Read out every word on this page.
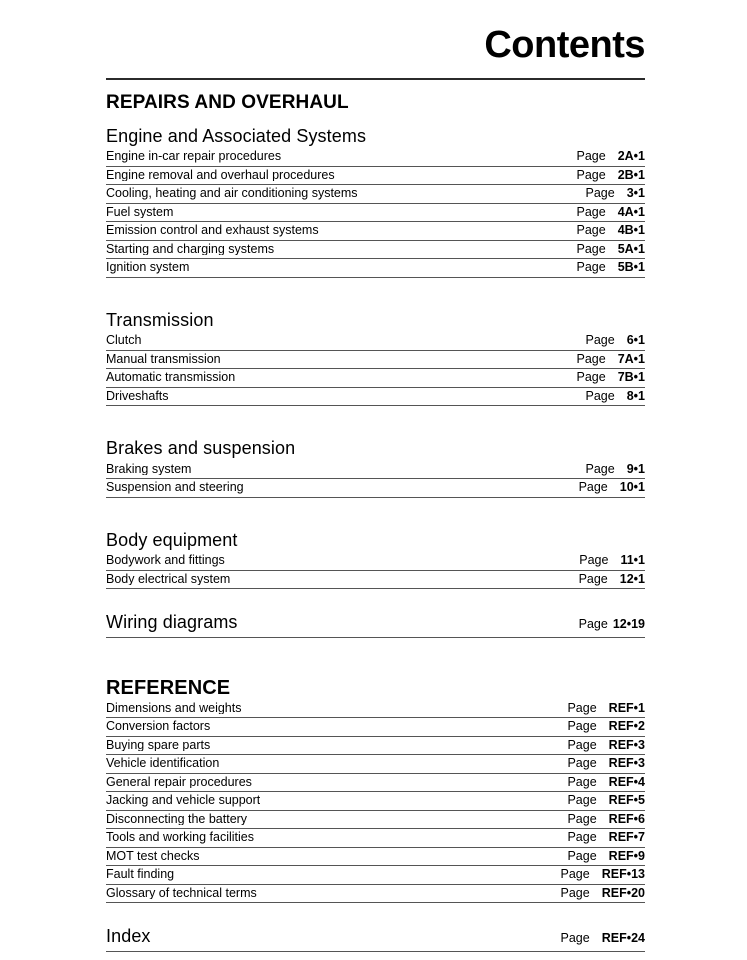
Contents
REPAIRS AND OVERHAUL
Engine and Associated Systems
Engine in-car repair procedures	Page 2A•1
Engine removal and overhaul procedures	Page 2B•1
Cooling, heating and air conditioning systems	Page 3•1
Fuel system	Page 4A•1
Emission control and exhaust systems	Page 4B•1
Starting and charging systems	Page 5A•1
Ignition system	Page 5B•1
Transmission
Clutch	Page 6•1
Manual transmission	Page 7A•1
Automatic transmission	Page 7B•1
Driveshafts	Page 8•1
Brakes and suspension
Braking system	Page 9•1
Suspension and steering	Page 10•1
Body equipment
Bodywork and fittings	Page 11•1
Body electrical system	Page 12•1
Wiring diagrams	Page 12•19
REFERENCE
Dimensions and weights	Page REF•1
Conversion factors	Page REF•2
Buying spare parts	Page REF•3
Vehicle identification	Page REF•3
General repair procedures	Page REF•4
Jacking and vehicle support	Page REF•5
Disconnecting the battery	Page REF•6
Tools and working facilities	Page REF•7
MOT test checks	Page REF•9
Fault finding	Page REF•13
Glossary of technical terms	Page REF•20
Index	Page REF•24
